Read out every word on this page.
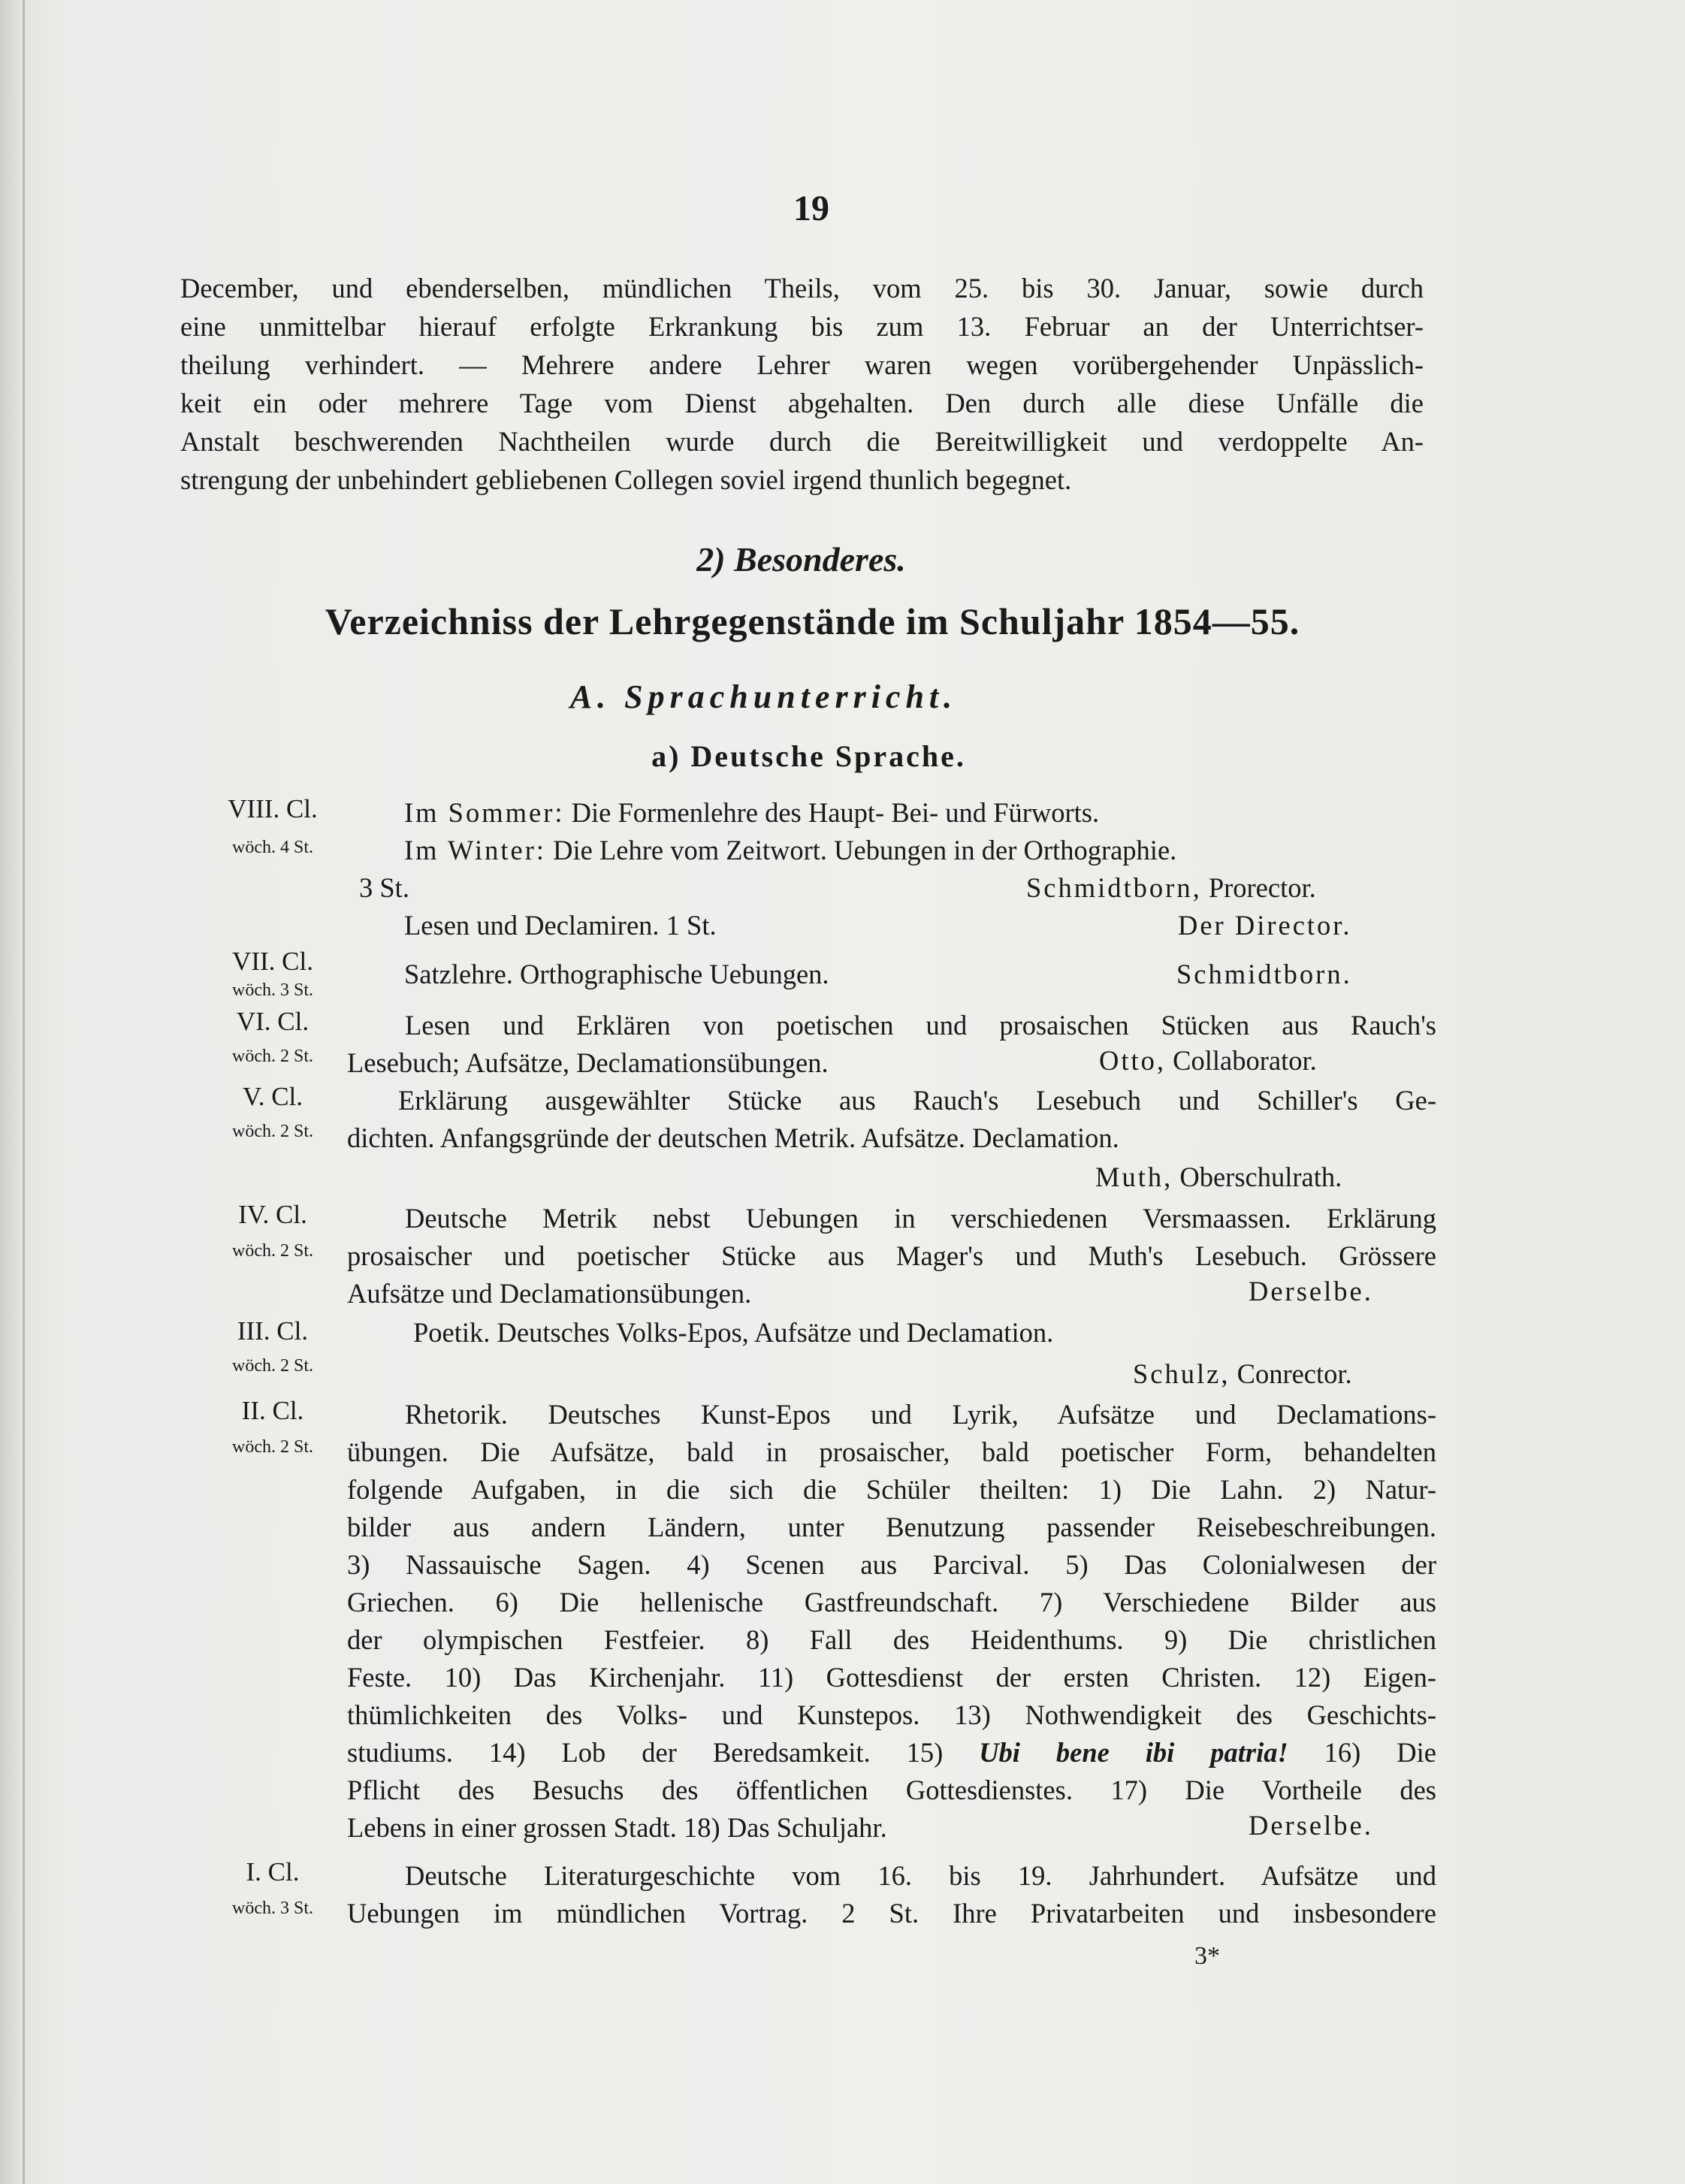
19
December, und ebenderselben, mündlichen Theils, vom 25. bis 30. Januar, sowie durch
eine unmittelbar hierauf erfolgte Erkrankung bis zum 13. Februar an der Unterrichtser-
theilung verhindert. — Mehrere andere Lehrer waren wegen vorübergehender Unpässlich-
keit ein oder mehrere Tage vom Dienst abgehalten. Den durch alle diese Unfälle die
Anstalt beschwerenden Nachtheilen wurde durch die Bereitwilligkeit und verdoppelte An-
strengung der unbehindert gebliebenen Collegen soviel irgend thunlich begegnet.
2) Besonderes.
Verzeichniss der Lehrgegenstände im Schuljahr 1854—55.
A. Sprachunterricht.
a) Deutsche Sprache.
VIII. Cl.
wöch. 4 St.
Im Sommer: Die Formenlehre des Haupt- Bei- und Fürworts.
Im Winter: Die Lehre vom Zeitwort. Uebungen in der Orthographie.
3 St.	Schmidtborn, Prorector.
Lesen und Declamiren. 1 St.	Der Director.
VII. Cl.
wöch. 3 St.
Satzlehre. Orthographische Uebungen.	Schmidtborn.
VI. Cl.
wöch. 2 St.
Lesen und Erklären von poetischen und prosaischen Stücken aus Rauch's
Lesebuch; Aufsätze, Declamationsübungen.	Otto, Collaborator.
V. Cl.
wöch. 2 St.
Erklärung ausgewählter Stücke aus Rauch's Lesebuch und Schiller's Ge-
dichten. Anfangsgründe der deutschen Metrik. Aufsätze. Declamation.
Muth, Oberschulrath.
IV. Cl.
wöch. 2 St.
Deutsche Metrik nebst Uebungen in verschiedenen Versmaassen. Erklärung
prosaischer und poetischer Stücke aus Mager's und Muth's Lesebuch. Grössere
Aufsätze und Declamationsübungen.	Derselbe.
III. Cl.
wöch. 2 St.
Poetik. Deutsches Volks-Epos, Aufsätze und Declamation.
Schulz, Conrector.
II. Cl.
wöch. 2 St.
Rhetorik. Deutsches Kunst-Epos und Lyrik, Aufsätze und Declamations-
übungen. Die Aufsätze, bald in prosaischer, bald poetischer Form, behandelten
folgende Aufgaben, in die sich die Schüler theilten: 1) Die Lahn. 2) Natur-
bilder aus andern Ländern, unter Benutzung passender Reisebeschreibungen.
3) Nassauische Sagen. 4) Scenen aus Parcival. 5) Das Colonialwesen der
Griechen. 6) Die hellenische Gastfreundschaft. 7) Verschiedene Bilder aus
der olympischen Festfeier. 8) Fall des Heidenthums. 9) Die christlichen
Feste. 10) Das Kirchenjahr. 11) Gottesdienst der ersten Christen. 12) Eigen-
thümlichkeiten des Volks- und Kunstepos. 13) Nothwendigkeit des Geschichts-
studiums. 14) Lob der Beredsamkeit. 15) Ubi bene ibi patria! 16) Die
Pflicht des Besuchs des öffentlichen Gottesdienstes. 17) Die Vortheile des
Lebens in einer grossen Stadt. 18) Das Schuljahr.	Derselbe.
I. Cl.
wöch. 3 St.
Deutsche Literaturgeschichte vom 16. bis 19. Jahrhundert. Aufsätze und
Uebungen im mündlichen Vortrag. 2 St. Ihre Privatarbeiten und insbesondere
3*
